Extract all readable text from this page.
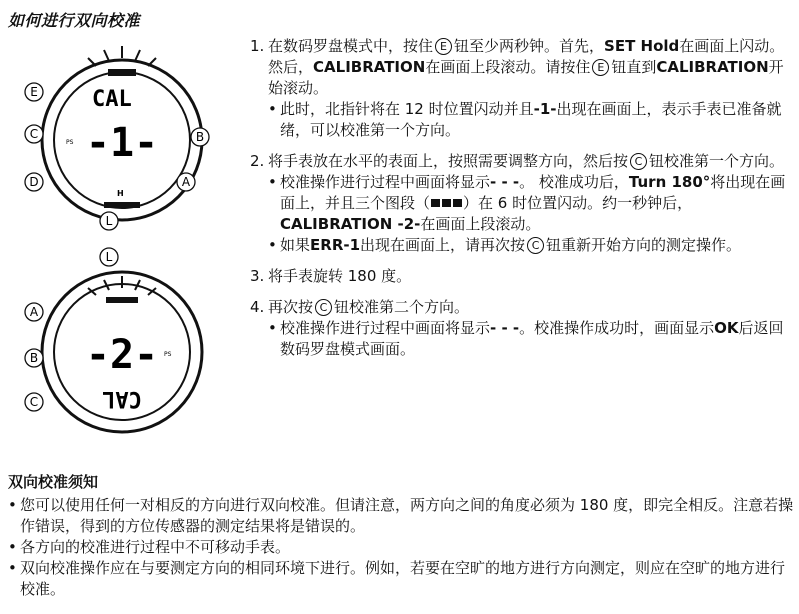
如何进行双向校准
CAL
PS -1-
H
E
C
D
B
A
L
-2- PS
CAL
L
A
B
C
1. 在数码罗盘模式中，按住 E 钮至少两秒钟。首先，SET Hold在画面上闪动。然后，CALIBRATION在画面上段滚动。请按住 E 钮直到CALIBRATION开始滚动。
• 此时，北指针将在 12 时位置闪动并且-1-出现在画面上，表示手表已准备就绪，可以校准第一个方向。
2. 将手表放在水平的表面上，按照需要调整方向，然后按 C 钮校准第一个方向。
• 校准操作进行过程中画面将显示- - -。 校准成功后，Turn 180°将出现在画面上，并且三个图段（ ）在 6 时位置闪动。约一秒钟后，CALIBRATION -2-在画面上段滚动。
• 如果ERR-1出现在画面上，请再次按 C 钮重新开始方向的测定操作。
3. 将手表旋转 180 度。
4. 再次按 C 钮校准第二个方向。
• 校准操作进行过程中画面将显示- - -。校准操作成功时，画面显示OK后返回数码罗盘模式画面。
双向校准须知
• 您可以使用任何一对相反的方向进行双向校准。但请注意，两方向之间的角度必须为 180 度，即完全相反。注意若操作错误，得到的方位传感器的测定结果将是错误的。
• 各方向的校准进行过程中不可移动手表。
• 双向校准操作应在与要测定方向的相同环境下进行。例如，若要在空旷的地方进行方向测定，则应在空旷的地方进行校准。
